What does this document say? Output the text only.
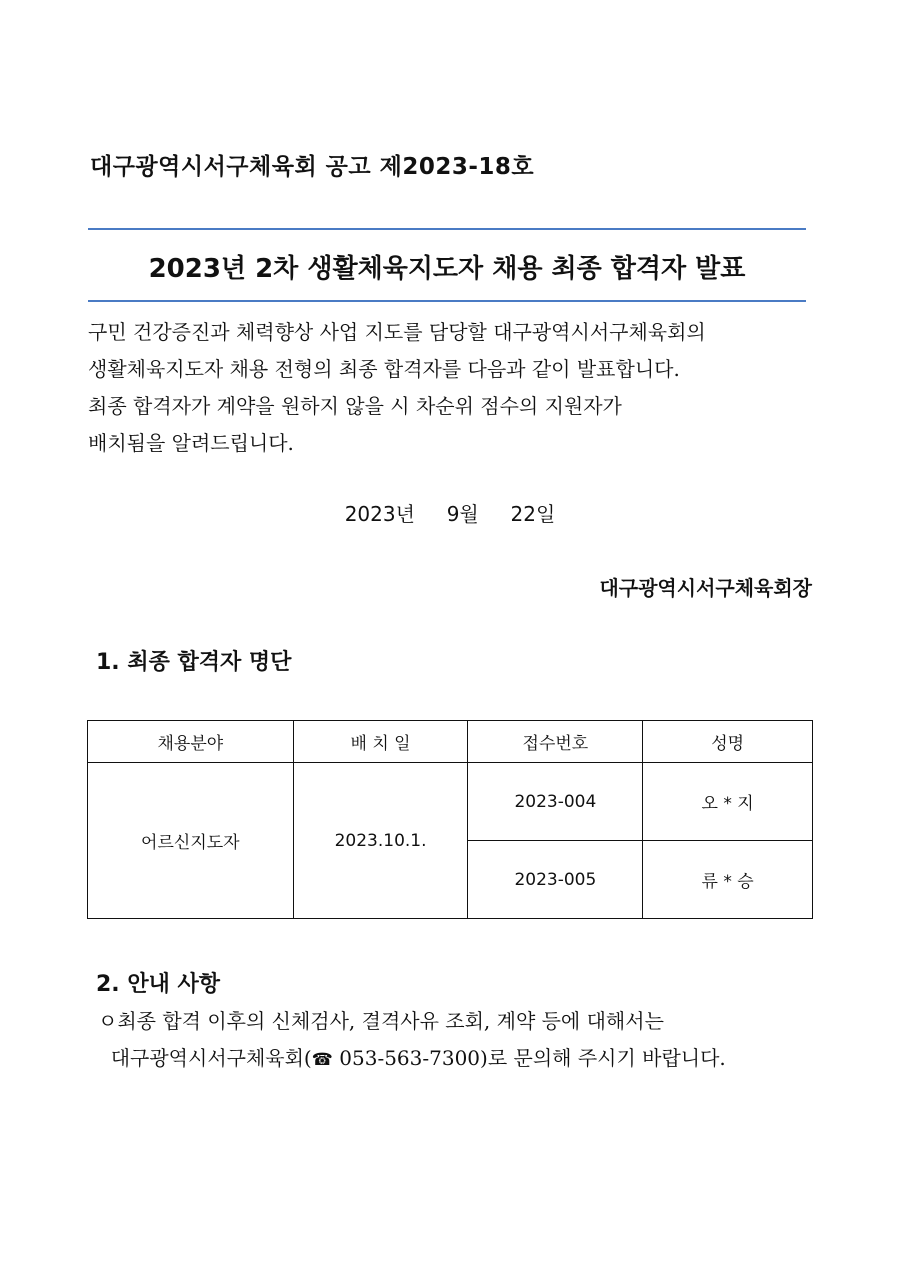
대구광역시서구체육회 공고 제2023-18호
2023년 2차 생활체육지도자 채용 최종 합격자 발표
구민 건강증진과 체력향상 사업 지도를 담당할 대구광역시서구체육회의
생활체육지도자 채용 전형의 최종 합격자를 다음과 같이 발표합니다.
최종 합격자가 계약을 원하지 않을 시 차순위 점수의 지원자가
배치됨을 알려드립니다.
2023년     9월     22일
대구광역시서구체육회장
1. 최종 합격자 명단
채용분야	배 치 일	접수번호	성명
어르신지도자	2023.10.1.	2023-004	오 * 지
		2023-005	류 * 승
2. 안내 사항
ㅇ최종 합격 이후의 신체검사, 결격사유 조회, 계약 등에 대해서는
대구광역시서구체육회(☎ 053-563-7300)로 문의해 주시기 바랍니다.
